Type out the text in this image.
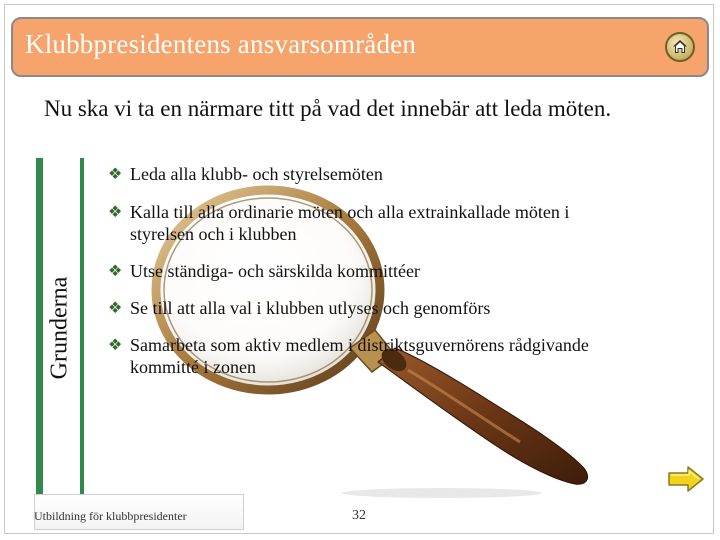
Klubbpresidentens ansvarsområden
Nu ska vi ta en närmare titt på vad det innebär att leda möten.
Grunderna
❖ Leda alla klubb- och styrelsemöten
❖ Kalla till alla ordinarie möten och alla extrainkallade möten i styrelsen och i klubben
❖ Utse ständiga- och särskilda kommittéer
❖ Se till att alla val i klubben utlyses och genomförs
❖ Samarbeta som aktiv medlem i distriktsguvernörens rådgivande kommitté i zonen
Utbildning för klubbpresidenter	32
